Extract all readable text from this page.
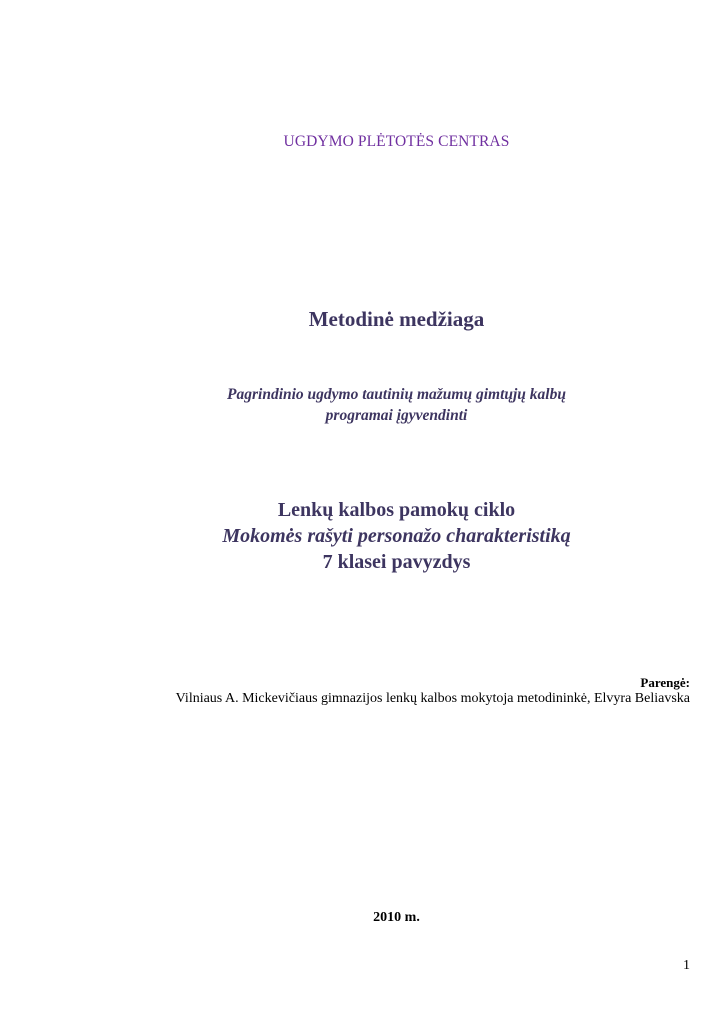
UGDYMO PLĖTOTĖS CENTRAS

Metodinė medžiaga

Pagrindinio ugdymo tautinių mažumų gimtųjų kalbų

programai įgyvendinti

Lenkų kalbos pamokų ciklo
Mokomės rašyti personažo charakteristiką
7 klasei pavyzdys

Parengė:

Vilniaus A. Mickevičiaus gimnazijos lenkų kalbos mokytoja metodininkė, Elvyra Beliavska

2010 m.

1
